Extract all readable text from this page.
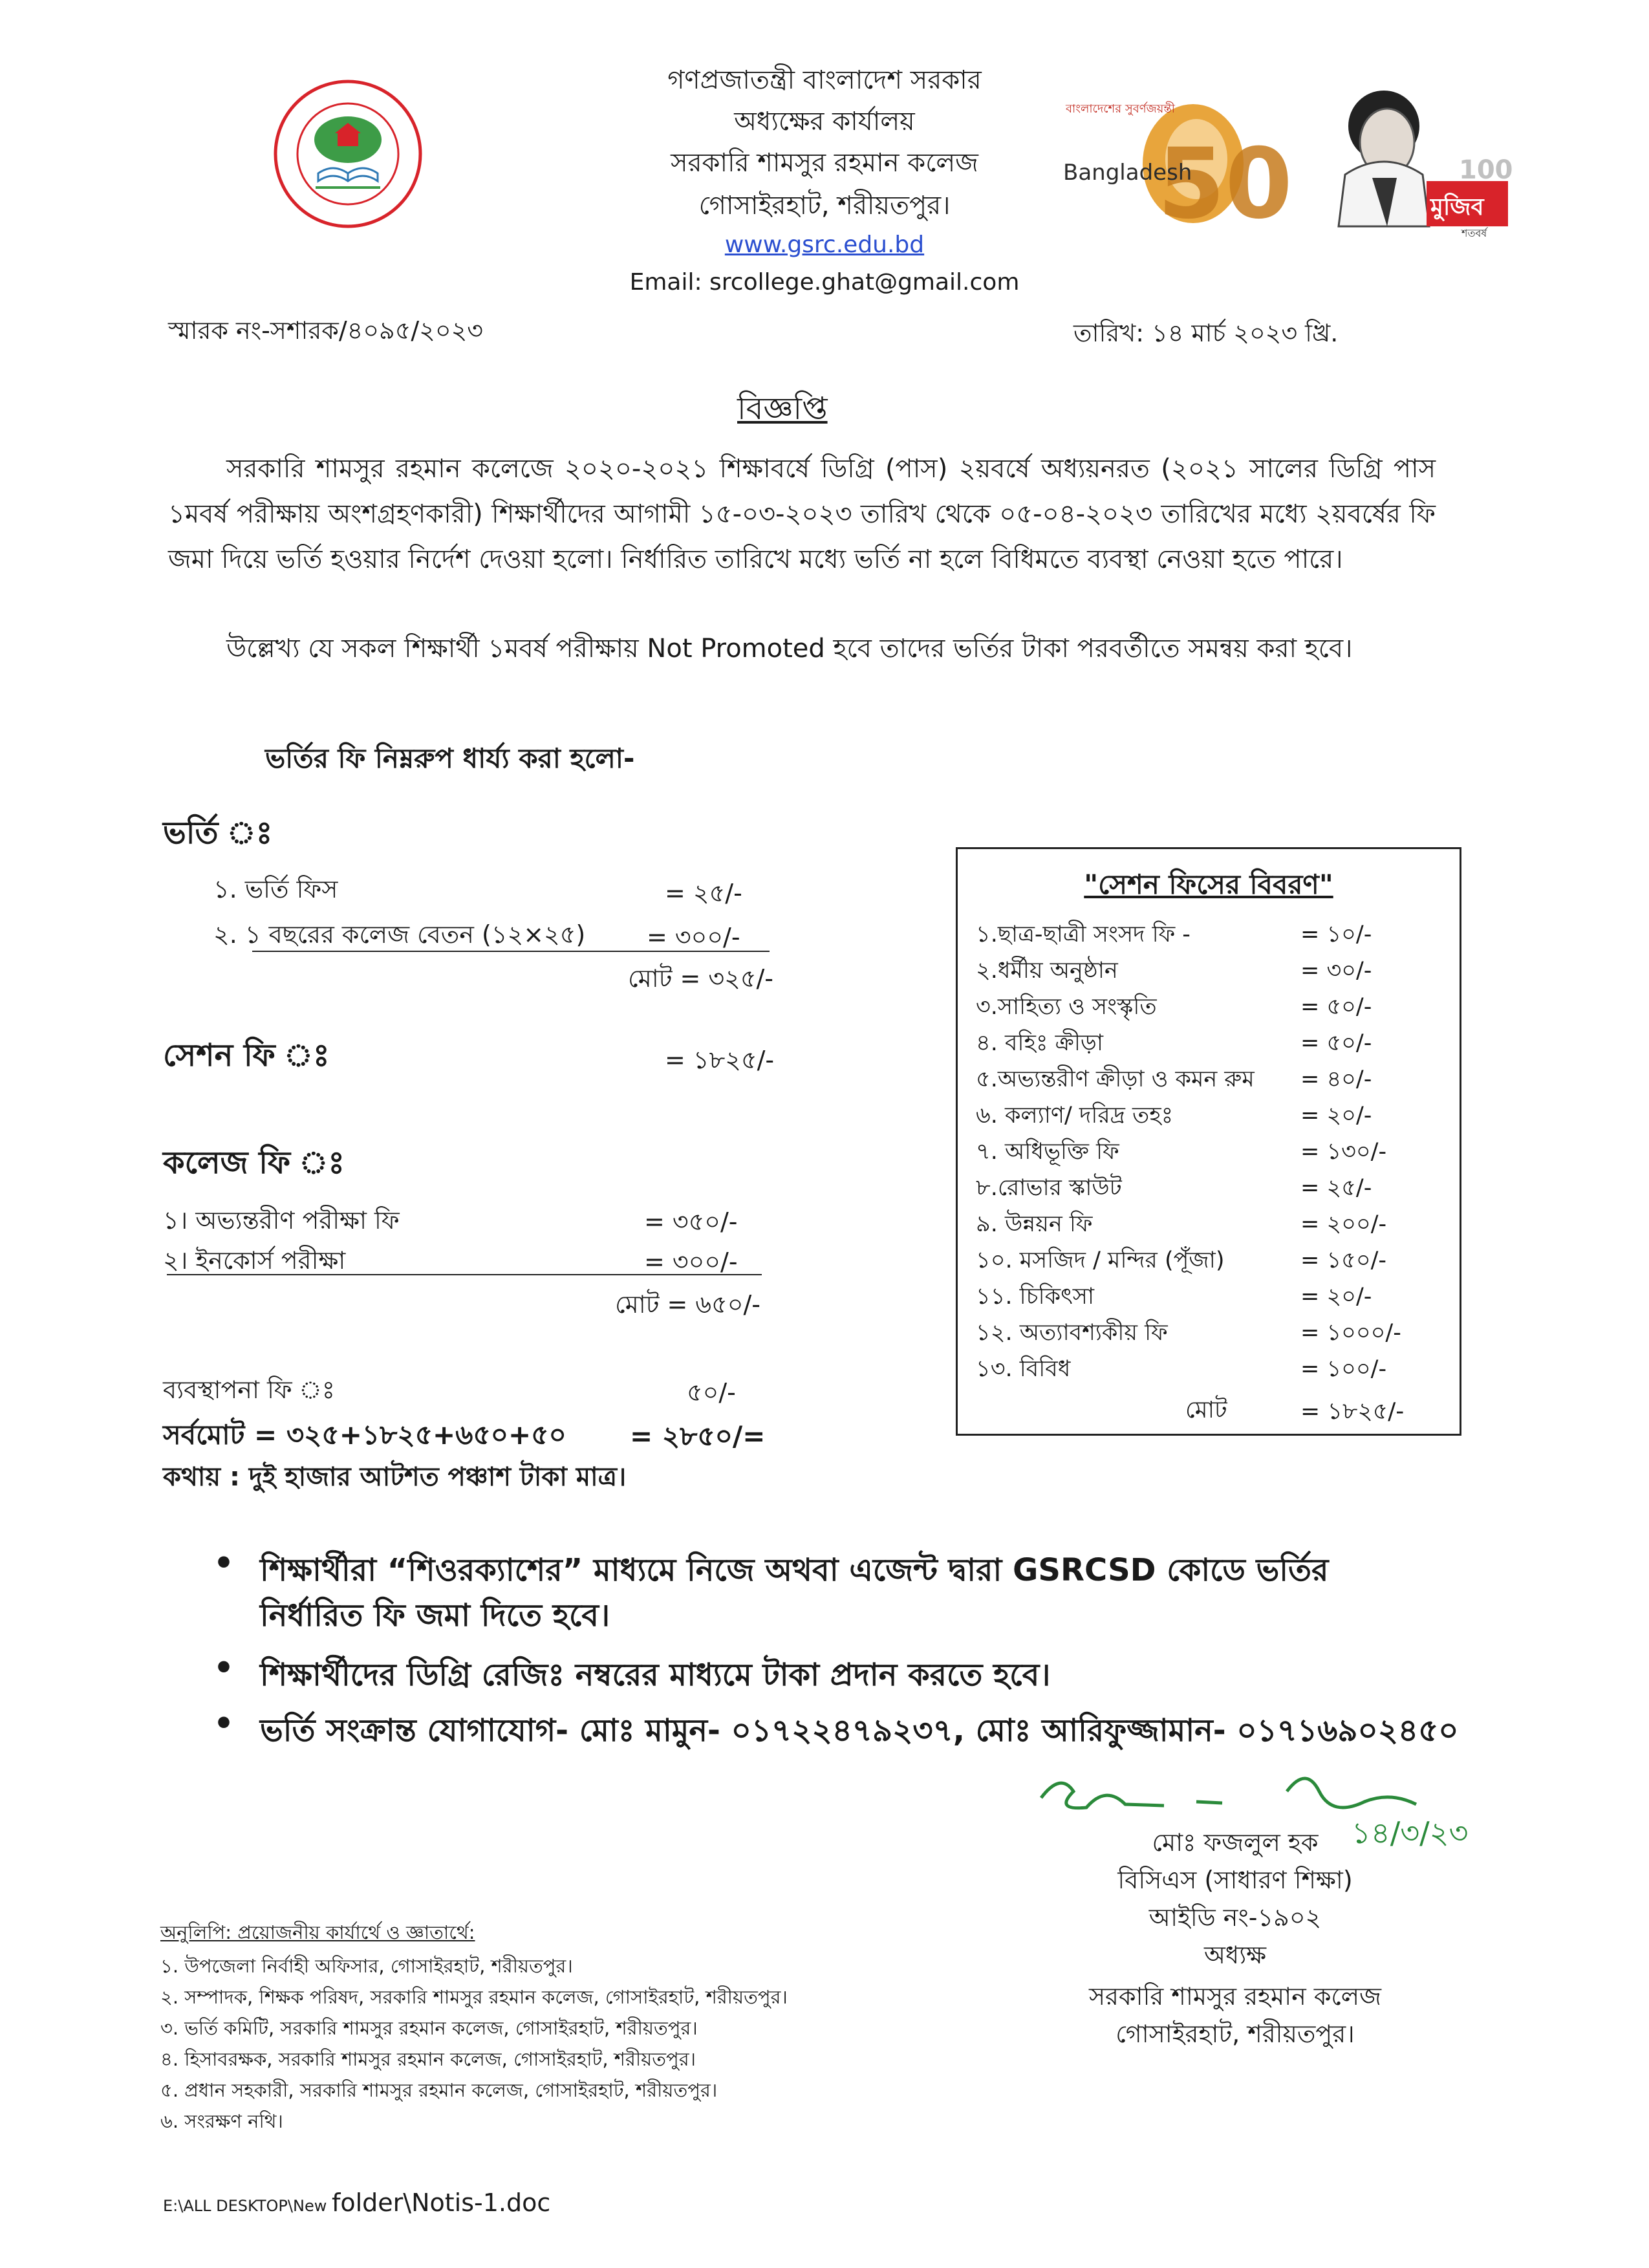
50
বাংলাদেশের সুবর্ণজয়ন্তী
Bangladesh
মুজিব
100
শতবর্ষ
গণপ্রজাতন্ত্রী বাংলাদেশ সরকার
অধ্যক্ষের কার্যালয়
সরকারি শামসুর রহমান কলেজ
গোসাইরহাট, শরীয়তপুর।
www.gsrc.edu.bd
Email: srcollege.ghat@gmail.com
স্মারক নং-সশারক/৪০৯৫/২০২৩	তারিখ: ১৪ মার্চ ২০২৩ খ্রি.
বিজ্ঞপ্তি
সরকারি শামসুর রহমান কলেজে ২০২০-২০২১ শিক্ষাবর্ষে ডিগ্রি (পাস) ২য়বর্ষে অধ্যয়নরত (২০২১ সালের ডিগ্রি পাস ১মবর্ষ পরীক্ষায় অংশগ্রহণকারী) শিক্ষার্থীদের আগামী ১৫-০৩-২০২৩ তারিখ থেকে ০৫-০৪-২০২৩ তারিখের মধ্যে ২য়বর্ষের ফি জমা দিয়ে ভর্তি হওয়ার নির্দেশ দেওয়া হলো। নির্ধারিত তারিখে মধ্যে ভর্তি না হলে বিধিমতে ব্যবস্থা নেওয়া হতে পারে।
উল্লেখ্য যে সকল শিক্ষার্থী ১মবর্ষ পরীক্ষায় Not Promoted হবে তাদের ভর্তির টাকা পরবর্তীতে সমন্বয় করা হবে।
ভর্তির ফি নিম্নরুপ ধার্য্য করা হলো-
ভর্তি ঃ
১. ভর্তি ফিস	= ২৫/-
২. ১ বছরের কলেজ বেতন (১২×২৫) = ৩০০/-
মোট = ৩২৫/-
সেশন ফি ঃ	= ১৮২৫/-
কলেজ ফি ঃ
১। অভ্যন্তরীণ পরীক্ষা ফি	= ৩৫০/-
২। ইনকোর্স পরীক্ষা	= ৩০০/-
মোট = ৬৫০/-
ব্যবস্থাপনা ফি ঃ	৫০/-
সর্বমোট = ৩২৫+১৮২৫+৬৫০+৫০ = ২৮৫০/=
কথায় : দুই হাজার আটশত পঞ্চাশ টাকা মাত্র।
"সেশন ফিসের বিবরণ"
১.ছাত্র-ছাত্রী সংসদ ফি -	= ১০/-
২.ধর্মীয় অনুষ্ঠান	= ৩০/-
৩.সাহিত্য ও সংস্কৃতি	= ৫০/-
৪. বহিঃ ক্রীড়া	= ৫০/-
৫.অভ্যন্তরীণ ক্রীড়া ও কমন রুম = ৪০/-
৬. কল্যাণ/ দরিদ্র তহঃ	= ২০/-
৭. অধিভূক্তি ফি	= ১৩০/-
৮.রোভার স্কাউট	= ২৫/-
৯. উন্নয়ন ফি	= ২০০/-
১০. মসজিদ / মন্দির (পূঁজা)	= ১৫০/-
১১. চিকিৎসা	= ২০/-
১২. অত্যাবশ্যকীয় ফি	= ১০০০/-
১৩. বিবিধ	= ১০০/-
মোট	= ১৮২৫/-
• শিক্ষার্থীরা “শিওরক্যাশের” মাধ্যমে নিজে অথবা এজেন্ট দ্বারা GSRCSD কোডে ভর্তির
নির্ধারিত ফি জমা দিতে হবে।
• শিক্ষার্থীদের ডিগ্রি রেজিঃ নম্বরের মাধ্যমে টাকা প্রদান করতে হবে।
• ভর্তি সংক্রান্ত যোগাযোগ- মোঃ মামুন- ০১৭২২৪৭৯২৩৭, মোঃ আরিফুজ্জামান- ০১৭১৬৯০২৪৫০
১৪/৩/২৩
মোঃ ফজলুল হক
বিসিএস (সাধারণ শিক্ষা)
আইডি নং-১৯০২
অধ্যক্ষ
সরকারি শামসুর রহমান কলেজ
গোসাইরহাট, শরীয়তপুর।
অনুলিপি: প্রয়োজনীয় কার্যার্থে ও জ্ঞাতার্থে:
১. উপজেলা নির্বাহী অফিসার, গোসাইরহাট, শরীয়তপুর।
২. সম্পাদক, শিক্ষক পরিষদ, সরকারি শামসুর রহমান কলেজ, গোসাইরহাট, শরীয়তপুর।
৩. ভর্তি কমিটি, সরকারি শামসুর রহমান কলেজ, গোসাইরহাট, শরীয়তপুর।
৪. হিসাবরক্ষক, সরকারি শামসুর রহমান কলেজ, গোসাইরহাট, শরীয়তপুর।
৫. প্রধান সহকারী, সরকারি শামসুর রহমান কলেজ, গোসাইরহাট, শরীয়তপুর।
৬. সংরক্ষণ নথি।
E:\ALL DESKTOP\New folder\Notis-1.doc
